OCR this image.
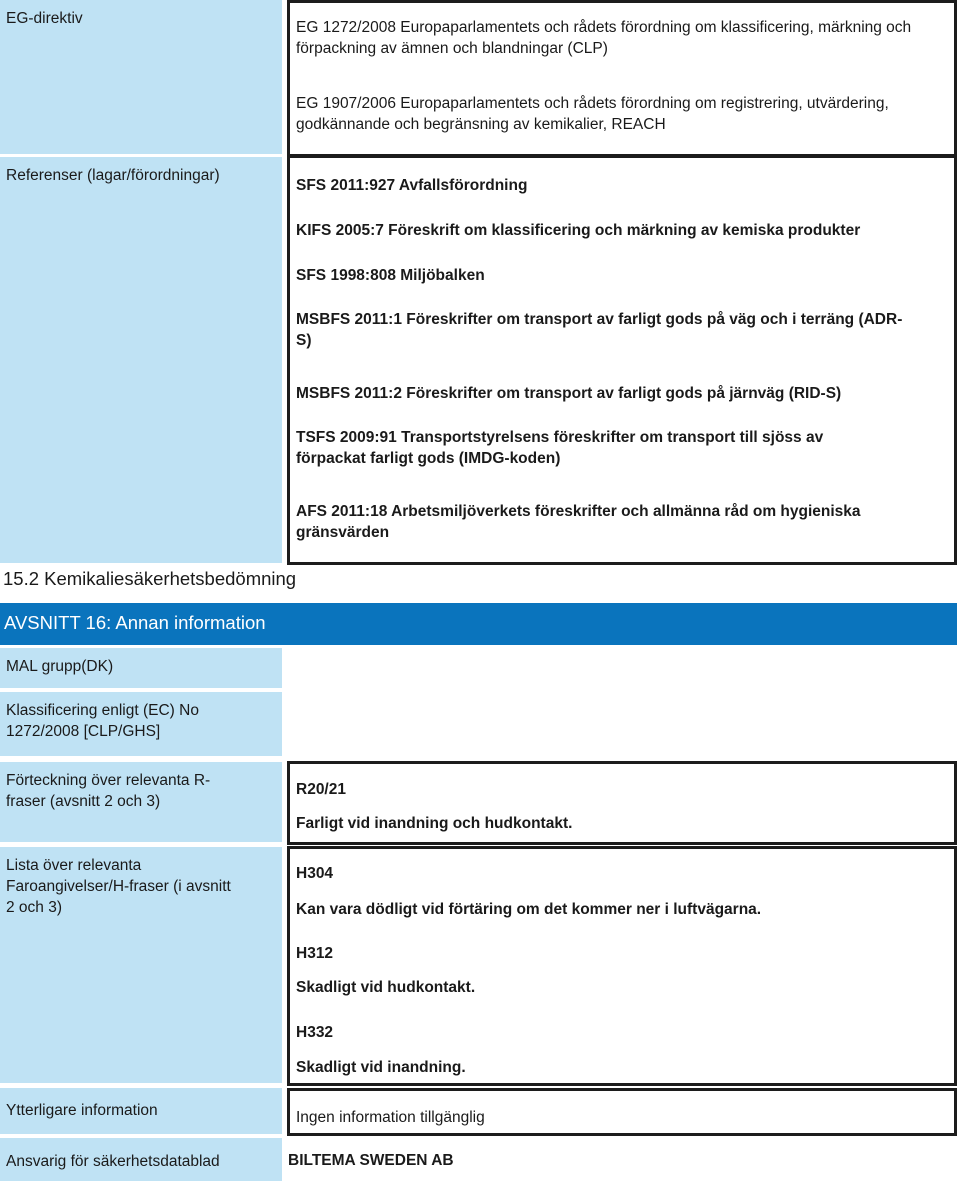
EG-direktiv

EG 1272/2008 Europaparlamentets och rådets förordning om klassificering, märkning och förpackning av ämnen och blandningar (CLP)

EG 1907/2006 Europaparlamentets och rådets förordning om registrering, utvärdering, godkännande och begränsning av kemikalier, REACH

Referenser (lagar/förordningar)

SFS 2011:927 Avfallsförordning

KIFS 2005:7 Föreskrift om klassificering och märkning av kemiska produkter

SFS 1998:808 Miljöbalken

MSBFS 2011:1 Föreskrifter om transport av farligt gods på väg och i terräng (ADR-S)

MSBFS 2011:2 Föreskrifter om transport av farligt gods på järnväg (RID-S)

TSFS 2009:91 Transportstyrelsens föreskrifter om transport till sjöss av förpackat farligt gods (IMDG-koden)

AFS 2011:18 Arbetsmiljöverkets föreskrifter och allmänna råd om hygieniska gränsvärden

15.2 Kemikaliesäkerhetsbedömning
AVSNITT 16: Annan information
MAL grupp(DK)
Klassificering enligt (EC) No 1272/2008 [CLP/GHS]
Förteckning över relevanta R-fraser (avsnitt 2 och 3)

R20/21

Farligt vid inandning och hudkontakt.

Lista över relevanta Faroangivelser/H-fraser (i avsnitt 2 och 3)

H304

Kan vara dödligt vid förtäring om det kommer ner i luftvägarna.

H312

Skadligt vid hudkontakt.

H332

Skadligt vid inandning.

Ytterligare information	Ingen information tillgänglig

Ansvarig för säkerhetsdatablad	BILTEMA SWEDEN AB
